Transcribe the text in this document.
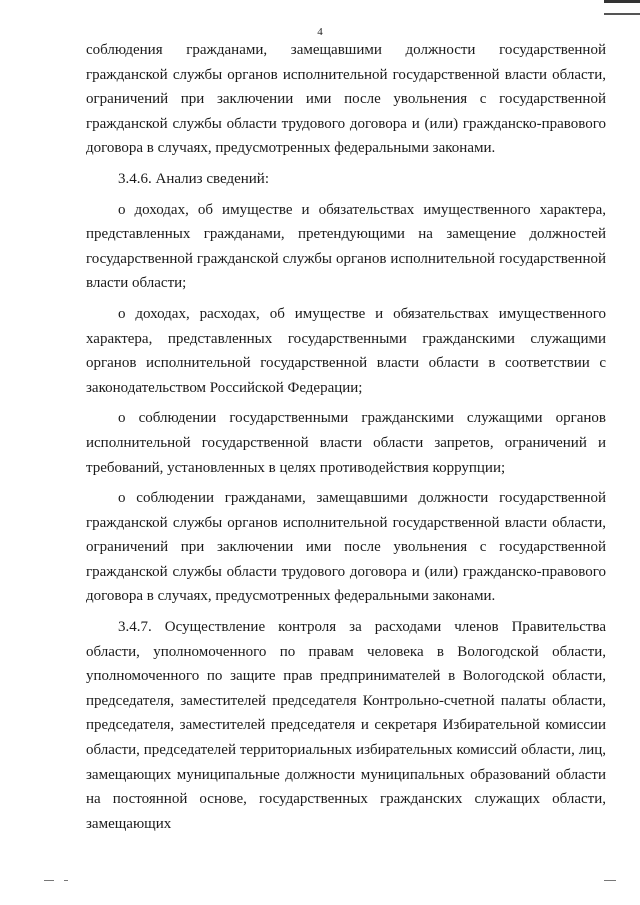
4

соблюдения гражданами, замещавшими должности государственной гражданской службы органов исполнительной государственной власти области, ограничений при заключении ими после увольнения с государственной гражданской службы области трудового договора и (или) гражданско-правового договора в случаях, предусмотренных федеральными законами.

3.4.6. Анализ сведений:

о доходах, об имуществе и обязательствах имущественного характера, представленных гражданами, претендующими на замещение должностей государственной гражданской службы органов исполнительной государственной власти области;

о доходах, расходах, об имуществе и обязательствах имущественного характера, представленных государственными гражданскими служащими органов исполнительной государственной власти области в соответствии с законодательством Российской Федерации;

о соблюдении государственными гражданскими служащими органов исполнительной государственной власти области запретов, ограничений и требований, установленных в целях противодействия коррупции;

о соблюдении гражданами, замещавшими должности государственной гражданской службы органов исполнительной государственной власти области, ограничений при заключении ими после увольнения с государственной гражданской службы области трудового договора и (или) гражданско-правового договора в случаях, предусмотренных федеральными законами.

3.4.7. Осуществление контроля за расходами членов Правительства области, уполномоченного по правам человека в Вологодской области, уполномоченного по защите прав предпринимателей в Вологодской области, председателя, заместителей председателя Контрольно-счетной палаты области, председателя, заместителей председателя и секретаря Избирательной комиссии области, председателей территориальных избирательных комиссий области, лиц, замещающих муниципальные должности муниципальных образований области на постоянной основе, государственных гражданских служащих области, замещающих
